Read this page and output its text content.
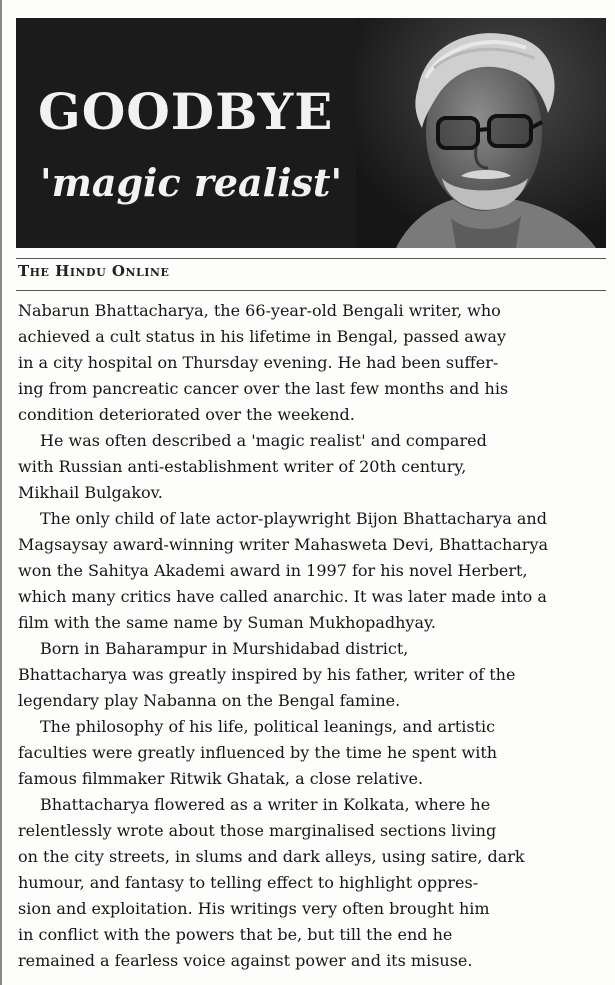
GOODBYE
'magic realist'

The Hindu Online

Nabarun Bhattacharya, the 66-year-old Bengali writer, who
achieved a cult status in his lifetime in Bengal, passed away
in a city hospital on Thursday evening. He had been suffer-
ing from pancreatic cancer over the last few months and his
condition deteriorated over the weekend.
He was often described a 'magic realist' and compared
with Russian anti-establishment writer of 20th century,
Mikhail Bulgakov.
The only child of late actor-playwright Bijon Bhattacharya and
Magsaysay award-winning writer Mahasweta Devi, Bhattacharya
won the Sahitya Akademi award in 1997 for his novel Herbert,
which many critics have called anarchic. It was later made into a
film with the same name by Suman Mukhopadhyay.
Born in Baharampur in Murshidabad district,
Bhattacharya was greatly inspired by his father, writer of the
legendary play Nabanna on the Bengal famine.
The philosophy of his life, political leanings, and artistic
faculties were greatly influenced by the time he spent with
famous filmmaker Ritwik Ghatak, a close relative.
Bhattacharya flowered as a writer in Kolkata, where he
relentlessly wrote about those marginalised sections living
on the city streets, in slums and dark alleys, using satire, dark
humour, and fantasy to telling effect to highlight oppres-
sion and exploitation. His writings very often brought him
in conflict with the powers that be, but till the end he
remained a fearless voice against power and its misuse.
